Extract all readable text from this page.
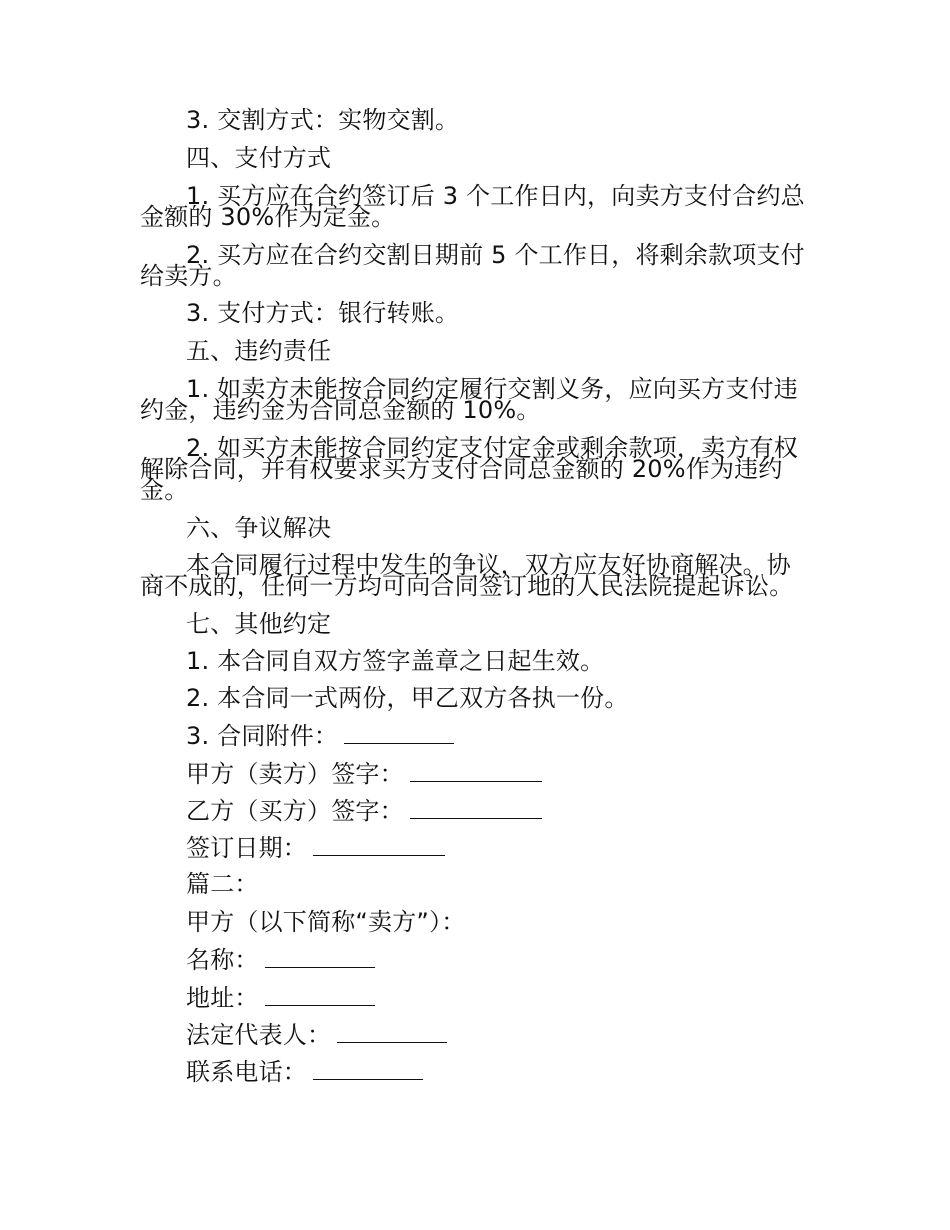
3. 交割方式：实物交割。
四、支付方式
1. 买方应在合约签订后 3 个工作日内，向卖方支付合约总
金额的 30%作为定金。
2. 买方应在合约交割日期前 5 个工作日，将剩余款项支付
给卖方。
3. 支付方式：银行转账。
五、违约责任
1. 如卖方未能按合同约定履行交割义务，应向买方支付违
约金，违约金为合同总金额的 10%。
2. 如买方未能按合同约定支付定金或剩余款项，卖方有权
解除合同，并有权要求买方支付合同总金额的 20%作为违约
金。
六、争议解决
本合同履行过程中发生的争议，双方应友好协商解决。协
商不成的，任何一方均可向合同签订地的人民法院提起诉讼。
七、其他约定
1. 本合同自双方签字盖章之日起生效。
2. 本合同一式两份，甲乙双方各执一份。
3. 合同附件：
甲方（卖方）签字：
乙方（买方）签字：
签订日期：
篇二：
甲方（以下简称“卖方”）：
名称：
地址：
法定代表人：
联系电话：
